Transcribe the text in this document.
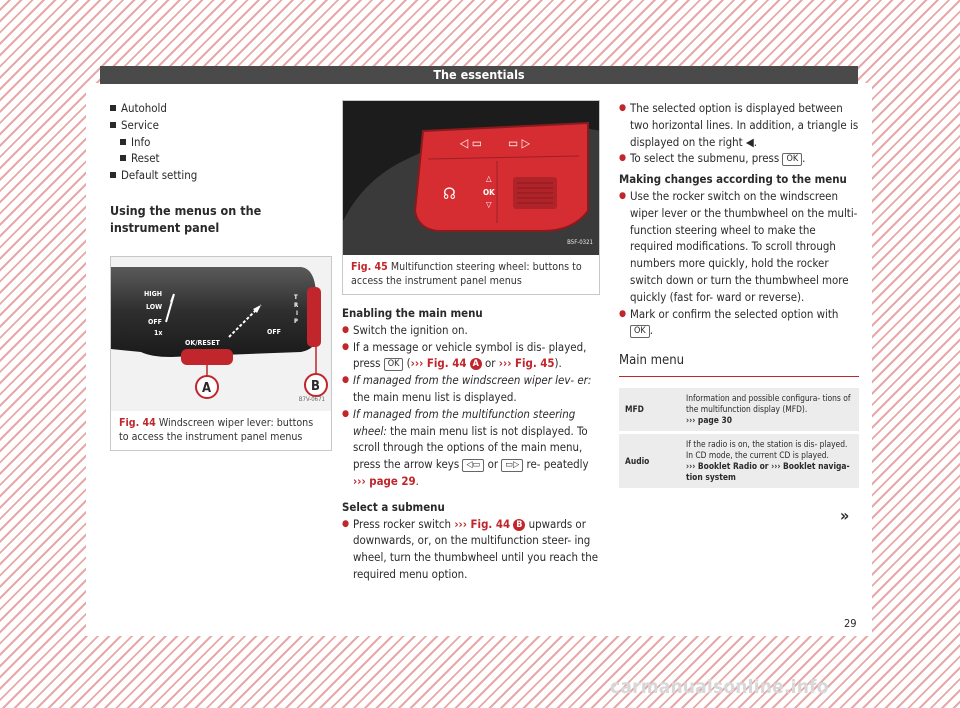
The essentials
Autohold
Service
Info
Reset
Default setting
Using the menus on the instrument panel
HIGH
LOW
OFF
1x
OK/RESET
OFF
T
R
I
P
A	B
B7V-0671
Fig. 44 Windscreen wiper lever: buttons to access the instrument panel menus
◁ ▭ ▭ ▷
☊
△
OK
▽
B5F-0321
Fig. 45 Multifunction steering wheel: buttons to access the instrument panel menus
Enabling the main menu
● Switch the ignition on.
● If a message or vehicle symbol is dis- played, press OK (››› Fig. 44 A or ››› Fig. 45).
● If managed from the windscreen wiper lev- er: the main menu list is displayed.
● If managed from the multifunction steering wheel: the main menu list is not displayed. To scroll through the options of the main menu, press the arrow keys ◁▭ or ▭▷ re- peatedly ››› page 29.
Select a submenu
● Press rocker switch ››› Fig. 44 B upwards or downwards, or, on the multifunction steer- ing wheel, turn the thumbwheel until you reach the required menu option.
● The selected option is displayed between two horizontal lines. In addition, a triangle is displayed on the right ◀.
● To select the submenu, press OK .
Making changes according to the menu
● Use the rocker switch on the windscreen wiper lever or the thumbwheel on the multi- function steering wheel to make the required modifications. To scroll through numbers more quickly, hold the rocker switch down or turn the thumbwheel more quickly (fast for- ward or reverse).
● Mark or confirm the selected option with OK .
Main menu
MFD	Information and possible configura- tions of the multifunction display (MFD).
››› page 30

Audio	If the radio is on, the station is dis- played.
In CD mode, the current CD is played.
››› Booklet Radio or ››› Booklet naviga- tion system
»
29
carmanualsonline.info
